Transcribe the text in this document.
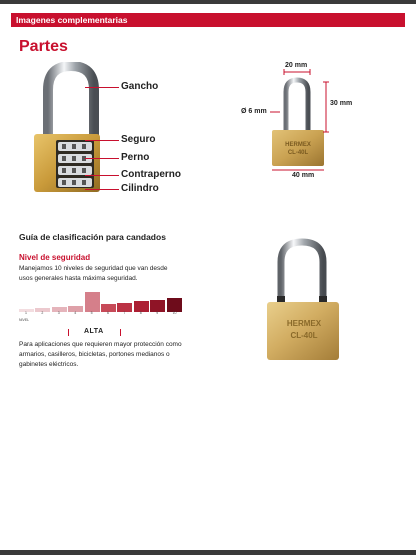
Imagenes complementarias
Partes
Gancho
Seguro
Perno
Contraperno
Cilindro
HERMEX
CL-40L
20 mm
30 mm
Ø 6 mm
40 mm
Guía de clasificación para candados
Nivel de seguridad
Manejamos 10 niveles de seguridad que van desde usos generales hasta máxima seguridad.
NIVEL
1	2	3	4	5	6	7	8	9	10
ALTA
Para aplicaciones que requieren mayor protección como armarios, casilleros, bicicletas, portones medianos o gabinetes eléctricos.
HERMEX
CL-40L
